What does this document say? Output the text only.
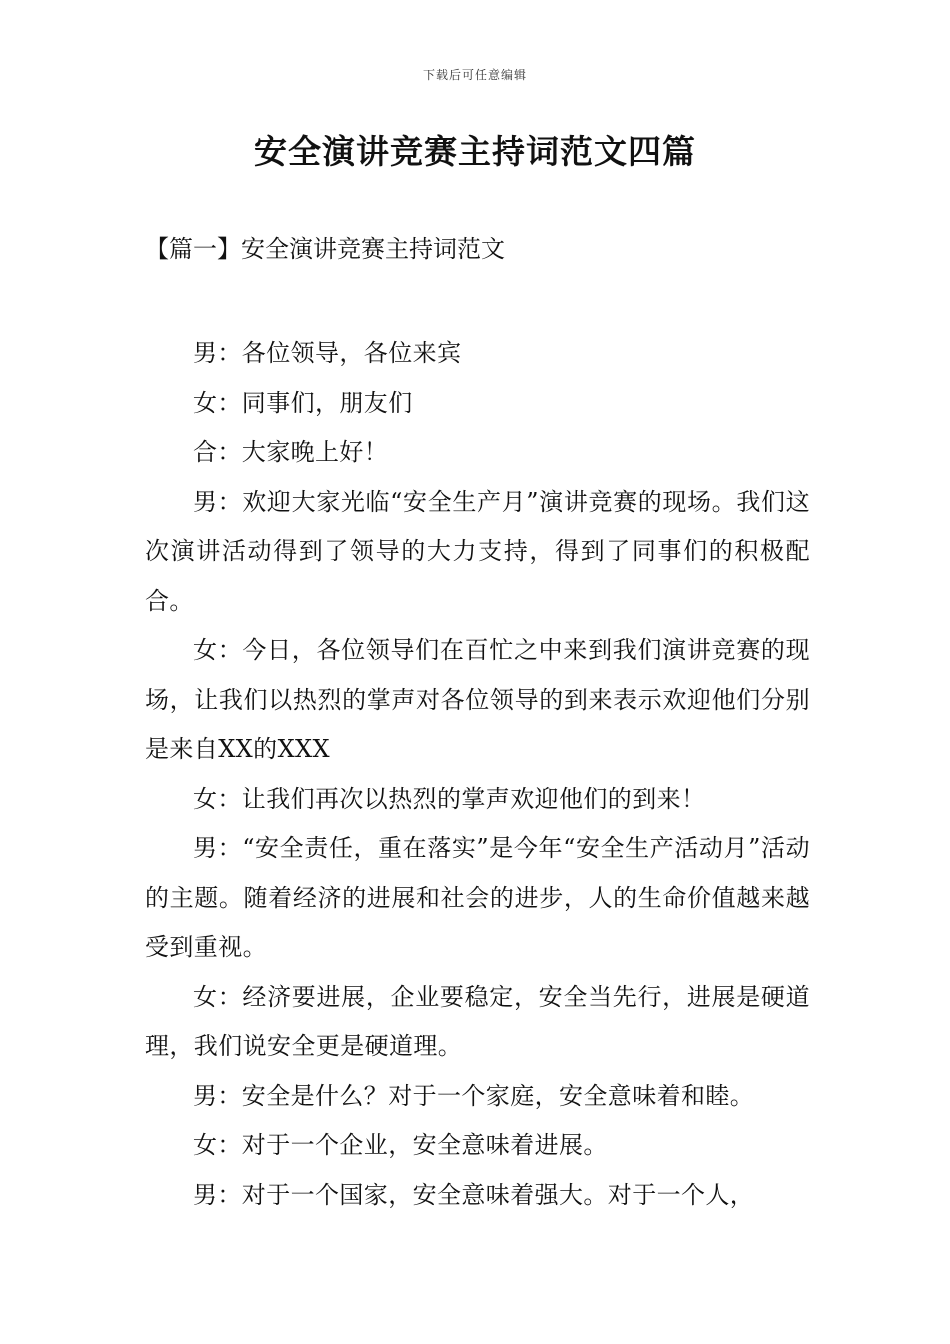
下载后可任意编辑
安全演讲竞赛主持词范文四篇
【篇一】安全演讲竞赛主持词范文

男：各位领导，各位来宾

女：同事们，朋友们

合：大家晚上好！

男：欢迎大家光临“安全生产月”演讲竞赛的现场。我们这次演讲活动得到了领导的大力支持，得到了同事们的积极配合。

女：今日，各位领导们在百忙之中来到我们演讲竞赛的现场，让我们以热烈的掌声对各位领导的到来表示欢迎他们分别是来自XX的XXX

女：让我们再次以热烈的掌声欢迎他们的到来！

男：“安全责任，重在落实”是今年“安全生产活动月”活动的主题。随着经济的进展和社会的进步，人的生命价值越来越受到重视。

女：经济要进展，企业要稳定，安全当先行，进展是硬道理，我们说安全更是硬道理。

男：安全是什么？对于一个家庭，安全意味着和睦。

女：对于一个企业，安全意味着进展。

男：对于一个国家，安全意味着强大。对于一个人，
